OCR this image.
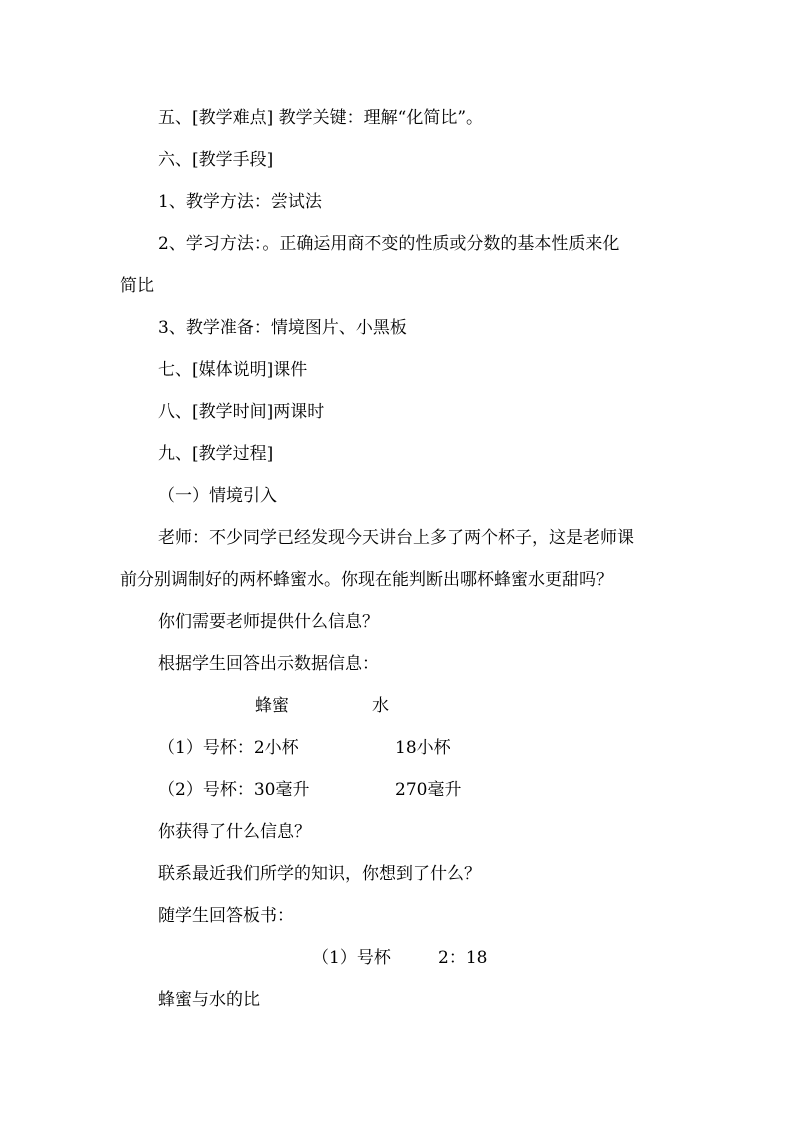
五、[教学难点] 教学关键：理解“化简比”。
六、[教学手段]
1、教学方法：尝试法
2、学习方法：。正确运用商不变的性质或分数的基本性质来化
简比
3、教学准备：情境图片、小黑板
七、[媒体说明]课件
八、[教学时间]两课时
九、[教学过程]
（一）情境引入
老师：不少同学已经发现今天讲台上多了两个杯子，这是老师课
前分别调制好的两杯蜂蜜水。你现在能判断出哪杯蜂蜜水更甜吗？
你们需要老师提供什么信息？
根据学生回答出示数据信息：
蜂蜜	水
（1）号杯：2小杯	18小杯
（2）号杯：30毫升	270毫升
你获得了什么信息？
联系最近我们所学的知识，你想到了什么？
随学生回答板书：
（1）号杯	2：18
蜂蜜与水的比
